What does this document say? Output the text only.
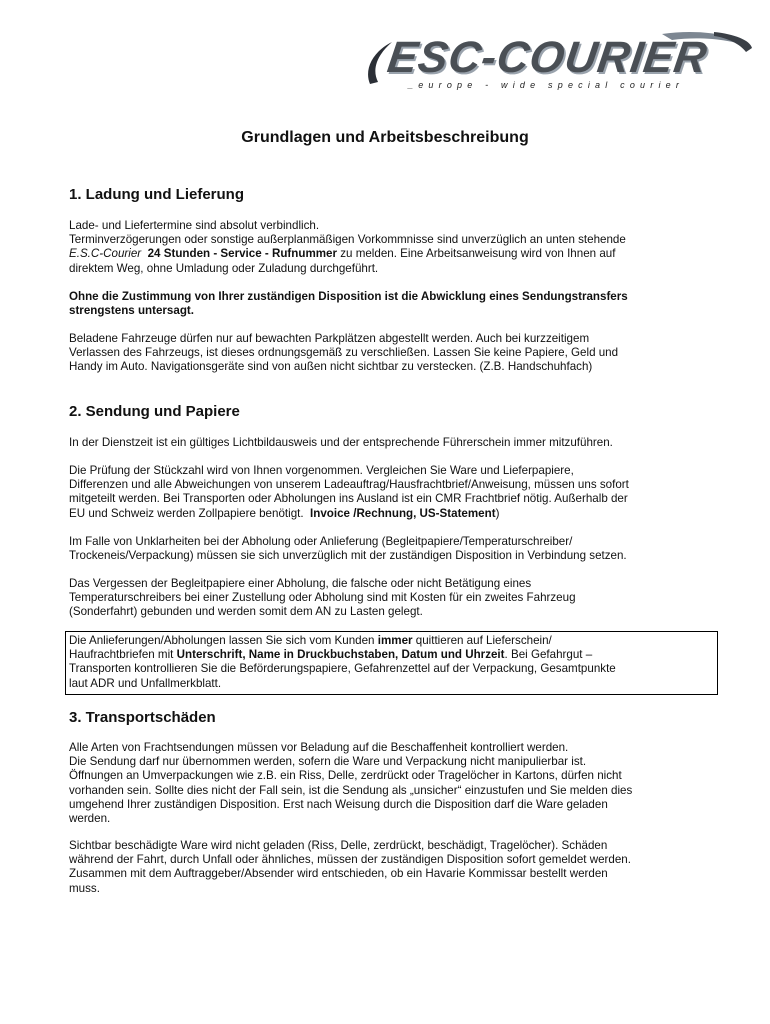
ESC-COURIER
_europe - wide special courier
Grundlagen und Arbeitsbeschreibung
1. Ladung und Lieferung

Lade- und Liefertermine sind absolut verbindlich.
Terminverzögerungen oder sonstige außerplanmäßigen Vorkommnisse sind unverzüglich an unten stehende
E.S.C-Courier 24 Stunden - Service - Rufnummer zu melden. Eine Arbeitsanweisung wird von Ihnen auf
direktem Weg, ohne Umladung oder Zuladung durchgeführt.

Ohne die Zustimmung von Ihrer zuständigen Disposition ist die Abwicklung eines Sendungstransfers
strengstens untersagt.

Beladene Fahrzeuge dürfen nur auf bewachten Parkplätzen abgestellt werden. Auch bei kurzzeitigem
Verlassen des Fahrzeugs, ist dieses ordnungsgemäß zu verschließen. Lassen Sie keine Papiere, Geld und
Handy im Auto. Navigationsgeräte sind von außen nicht sichtbar zu verstecken. (Z.B. Handschuhfach)

2. Sendung und Papiere

In der Dienstzeit ist ein gültiges Lichtbildausweis und der entsprechende Führerschein immer mitzuführen.

Die Prüfung der Stückzahl wird von Ihnen vorgenommen. Vergleichen Sie Ware und Lieferpapiere,
Differenzen und alle Abweichungen von unserem Ladeauftrag/Hausfrachtbrief/Anweisung, müssen uns sofort
mitgeteilt werden. Bei Transporten oder Abholungen ins Ausland ist ein CMR Frachtbrief nötig. Außerhalb der
EU und Schweiz werden Zollpapiere benötigt.  Invoice /Rechnung, US-Statement)

Im Falle von Unklarheiten bei der Abholung oder Anlieferung (Begleitpapiere/Temperaturschreiber/
Trockeneis/Verpackung) müssen sie sich unverzüglich mit der zuständigen Disposition in Verbindung setzen.

Das Vergessen der Begleitpapiere einer Abholung, die falsche oder nicht Betätigung eines
Temperaturschreibers bei einer Zustellung oder Abholung sind mit Kosten für ein zweites Fahrzeug
(Sonderfahrt) gebunden und werden somit dem AN zu Lasten gelegt.

Die Anlieferungen/Abholungen lassen Sie sich vom Kunden immer quittieren auf Lieferschein/
Haufrachtbriefen mit Unterschrift, Name in Druckbuchstaben, Datum und Uhrzeit. Bei Gefahrgut –
Transporten kontrollieren Sie die Beförderungspapiere, Gefahrenzettel auf der Verpackung, Gesamtpunkte
laut ADR und Unfallmerkblatt.
3. Transportschäden

Alle Arten von Frachtsendungen müssen vor Beladung auf die Beschaffenheit kontrolliert werden.
Die Sendung darf nur übernommen werden, sofern die Ware und Verpackung nicht manipulierbar ist.
Öffnungen an Umverpackungen wie z.B. ein Riss, Delle, zerdrückt oder Tragelöcher in Kartons, dürfen nicht
vorhanden sein. Sollte dies nicht der Fall sein, ist die Sendung als „unsicher“ einzustufen und Sie melden dies
umgehend Ihrer zuständigen Disposition. Erst nach Weisung durch die Disposition darf die Ware geladen
werden.

Sichtbar beschädigte Ware wird nicht geladen (Riss, Delle, zerdrückt, beschädigt, Tragelöcher). Schäden
während der Fahrt, durch Unfall oder ähnliches, müssen der zuständigen Disposition sofort gemeldet werden.
Zusammen mit dem Auftraggeber/Absender wird entschieden, ob ein Havarie Kommissar bestellt werden
muss.
